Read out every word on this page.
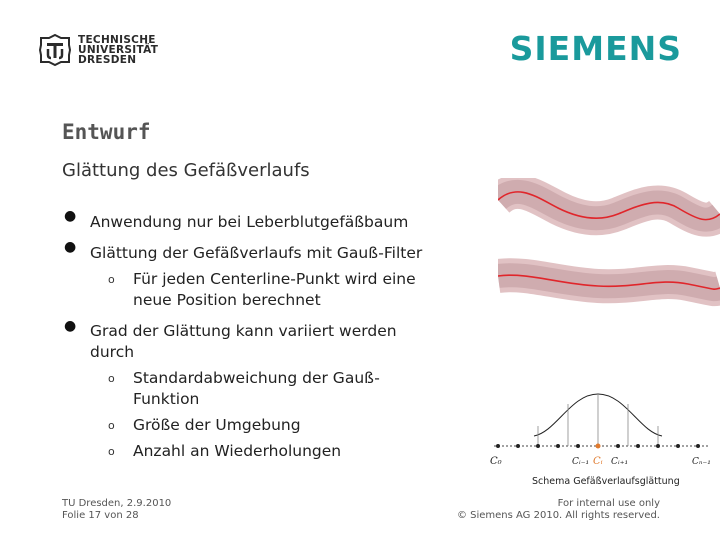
TECHNISCHE
UNIVERSITÄT
DRESDEN	SIEMENS
Entwurf
Glättung des Gefäßverlaufs
● Anwendung nur bei Leberblutgefäßbaum
● Glättung der Gefäßverlaufs mit Gauß-Filter
o Für jeden Centerline-Punkt wird eine
neue Position berechnet
● Grad der Glättung kann variiert werden
durch
o Standardabweichung der Gauß-
Funktion
o Größe der Umgebung
o Anzahl an Wiederholungen
C₀	Cᵢ₋₁ Cᵢ Cᵢ₊₁	Cₙ₋₁
Schema Gefäßverlaufsglättung
TU Dresden, 2.9.2010
Folie 17 von 28
For internal use only
© Siemens AG 2010. All rights reserved.
